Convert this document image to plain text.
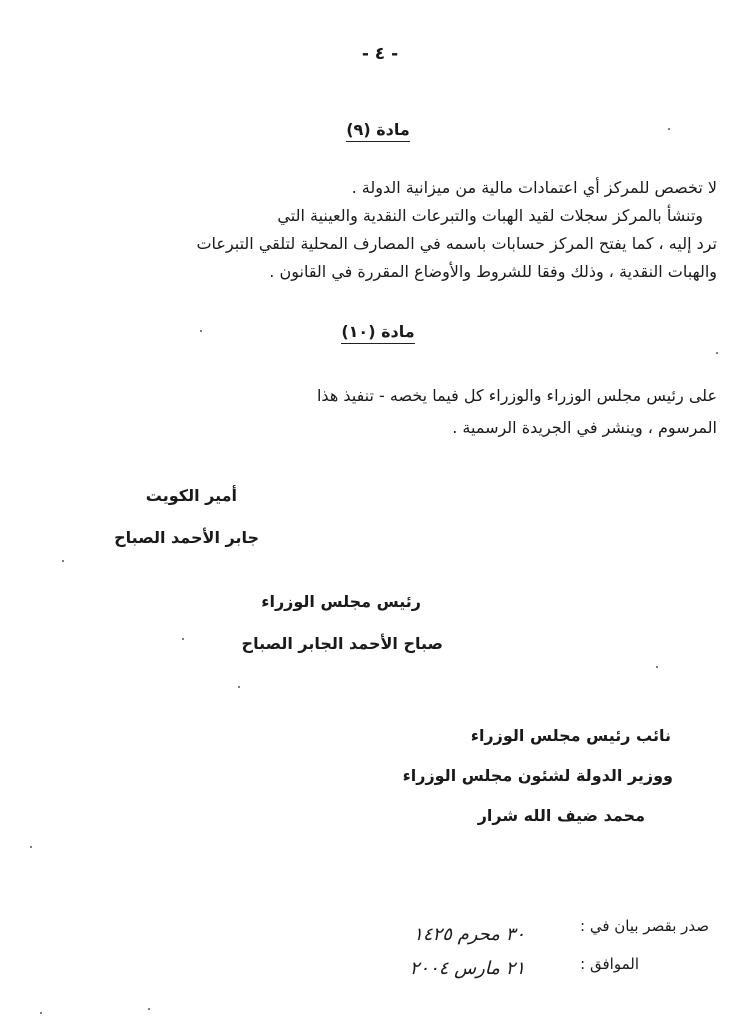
- ٤ -
مادة (٩)
لا تخصص للمركز أي اعتمادات مالية من ميزانية الدولة .
وتنشأ بالمركز سجلات لقيد الهبات والتبرعات النقدية والعينية التي
ترد إليه ، كما يفتح المركز حسابات باسمه في المصارف المحلية لتلقي التبرعات
والهبات النقدية ، وذلك وفقا للشروط والأوضاع المقررة في القانون .
مادة (١٠)
على رئيس مجلس الوزراء والوزراء كل فيما يخصه - تنفيذ هذا
المرسوم ، وينشر في الجريدة الرسمية .
أمير الكويت
جابر الأحمد الصباح
رئيس مجلس الوزراء
صباح الأحمد الجابر الصباح
نائب رئيس مجلس الوزراء
ووزير الدولة لشئون مجلس الوزراء
محمد ضيف الله شرار
صدر بقصر بيان في :
الموافق :
٣٠ محرم ١٤٢٥
٢١ مارس ٢٠٠٤
